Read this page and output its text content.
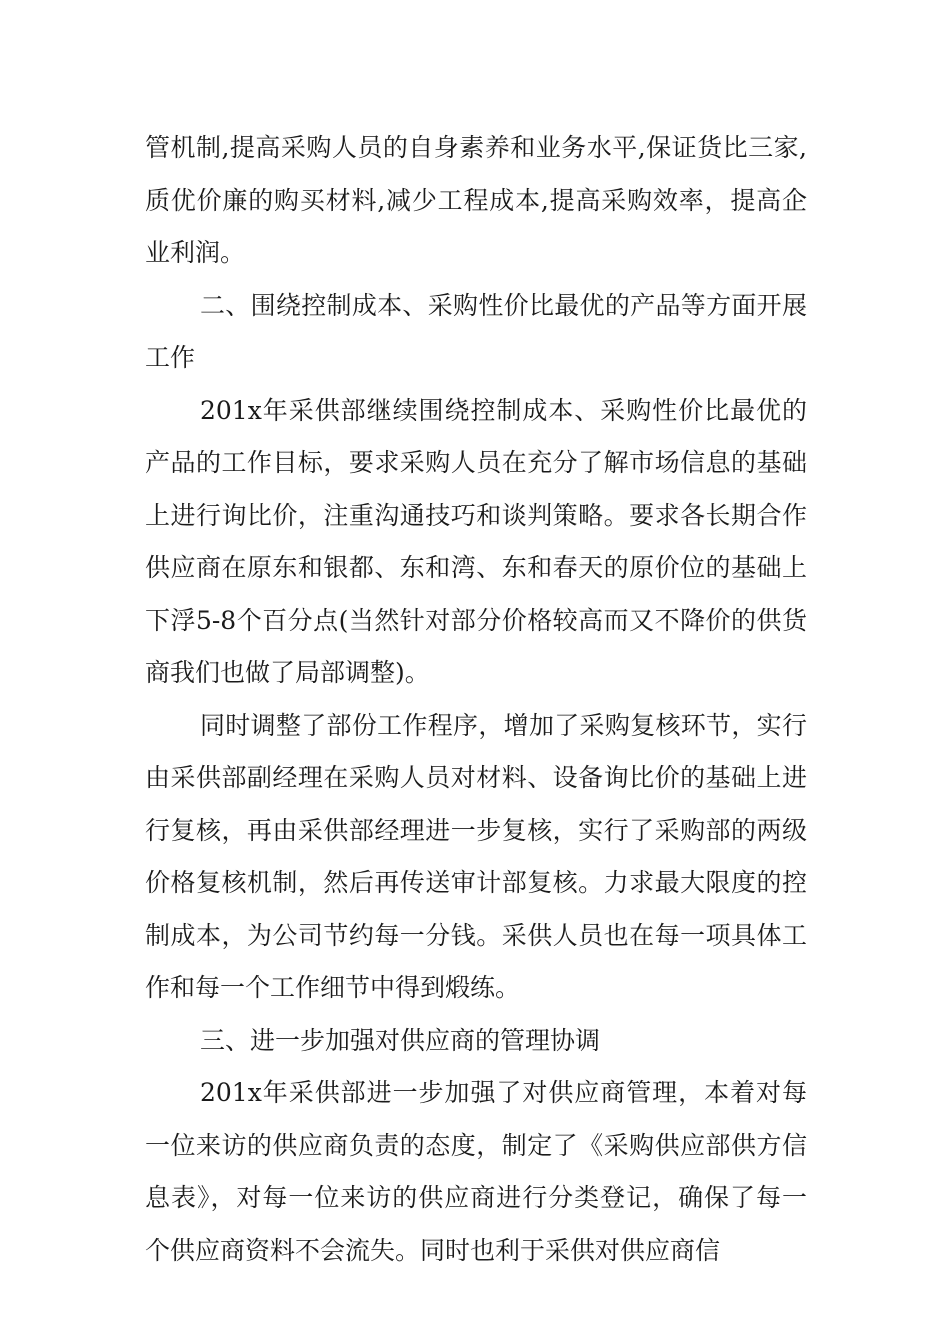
管机制,提高采购人员的自身素养和业务水平,保证货比三家,质优价廉的购买材料,减少工程成本,提高采购效率，提高企业利润。

二、围绕控制成本、采购性价比最优的产品等方面开展工作

201x年采供部继续围绕控制成本、采购性价比最优的产品的工作目标，要求采购人员在充分了解市场信息的基础上进行询比价，注重沟通技巧和谈判策略。要求各长期合作供应商在原东和银都、东和湾、东和春天的原价位的基础上下浮5-8个百分点(当然针对部分价格较高而又不降价的供货商我们也做了局部调整)。

同时调整了部份工作程序，增加了采购复核环节，实行由采供部副经理在采购人员对材料、设备询比价的基础上进行复核，再由采供部经理进一步复核，实行了采购部的两级价格复核机制，然后再传送审计部复核。力求最大限度的控制成本，为公司节约每一分钱。采供人员也在每一项具体工作和每一个工作细节中得到煅练。

三、进一步加强对供应商的管理协调

201x年采供部进一步加强了对供应商管理，本着对每一位来访的供应商负责的态度，制定了《采购供应部供方信息表》，对每一位来访的供应商进行分类登记，确保了每一个供应商资料不会流失。同时也利于采供对供应商信
